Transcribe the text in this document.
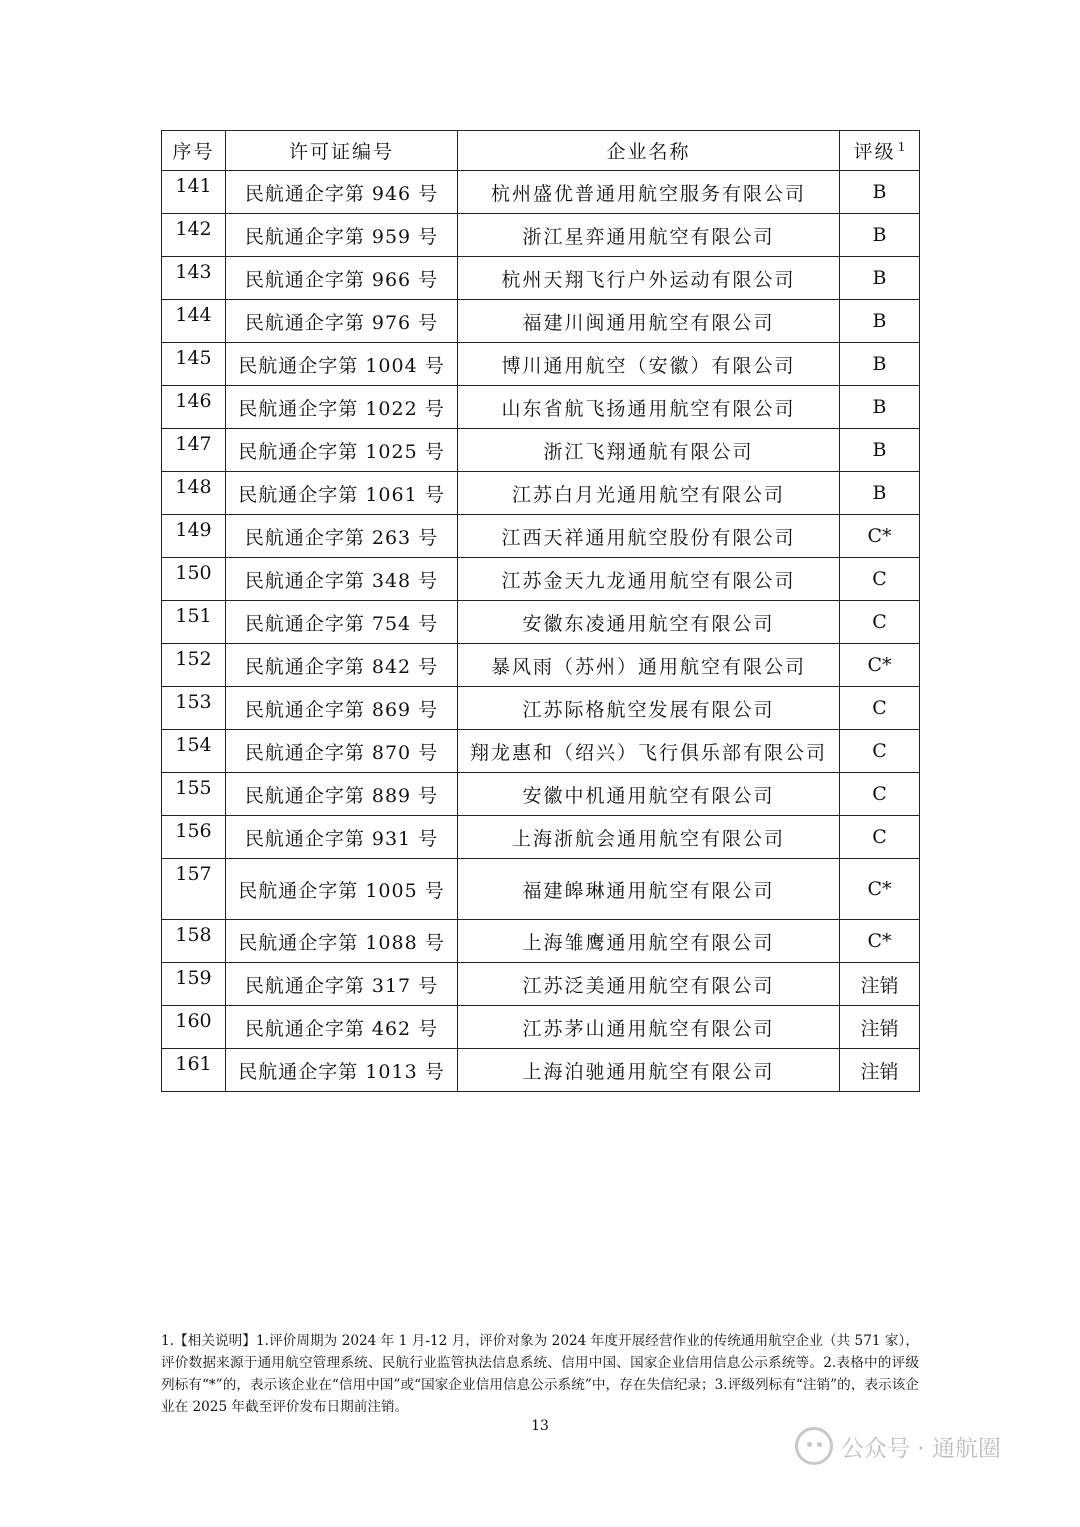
序号	许可证编号	企业名称	评级 $^1$
141	民航通企字第 946 号	杭州盛优普通用航空服务有限公司	B
142	民航通企字第 959 号	浙江星弈通用航空有限公司	B
143	民航通企字第 966 号	杭州天翔飞行户外运动有限公司	B
144	民航通企字第 976 号	福建川闽通用航空有限公司	B
145	民航通企字第 1004 号	博川通用航空（安徽）有限公司	B
146	民航通企字第 1022 号	山东省航飞扬通用航空有限公司	B
147	民航通企字第 1025 号	浙江飞翔通航有限公司	B
148	民航通企字第 1061 号	江苏白月光通用航空有限公司	B
149	民航通企字第 263 号	江西天祥通用航空股份有限公司	C*
150	民航通企字第 348 号	江苏金天九龙通用航空有限公司	C
151	民航通企字第 754 号	安徽东凌通用航空有限公司	C
152	民航通企字第 842 号	暴风雨（苏州）通用航空有限公司	C*
153	民航通企字第 869 号	江苏际格航空发展有限公司	C
154	民航通企字第 870 号	翔龙惠和（绍兴）飞行俱乐部有限公司	C
155	民航通企字第 889 号	安徽中机通用航空有限公司	C
156	民航通企字第 931 号	上海浙航会通用航空有限公司	C
157	民航通企字第 1005 号	福建皞琳通用航空有限公司	C*
158	民航通企字第 1088 号	上海雏鹰通用航空有限公司	C*
159	民航通企字第 317 号	江苏泛美通用航空有限公司	注销
160	民航通企字第 462 号	江苏茅山通用航空有限公司	注销
161	民航通企字第 1013 号	上海泊驰通用航空有限公司	注销
1.【相关说明】1.评价周期为 2024 年 1 月-12 月，评价对象为 2024 年度开展经营作业的传统通用航空企业（共 571 家），评价数据来源于通用航空管理系统、民航行业监管执法信息系统、信用中国、国家企业信用信息公示系统等。2.表格中的评级列标有“*”的，表示该企业在“信用中国”或“国家企业信用信息公示系统”中，存在失信纪录；3.评级列标有“注销”的，表示该企业在 2025 年截至评价发布日期前注销。
13
公众号 · 通航圈
